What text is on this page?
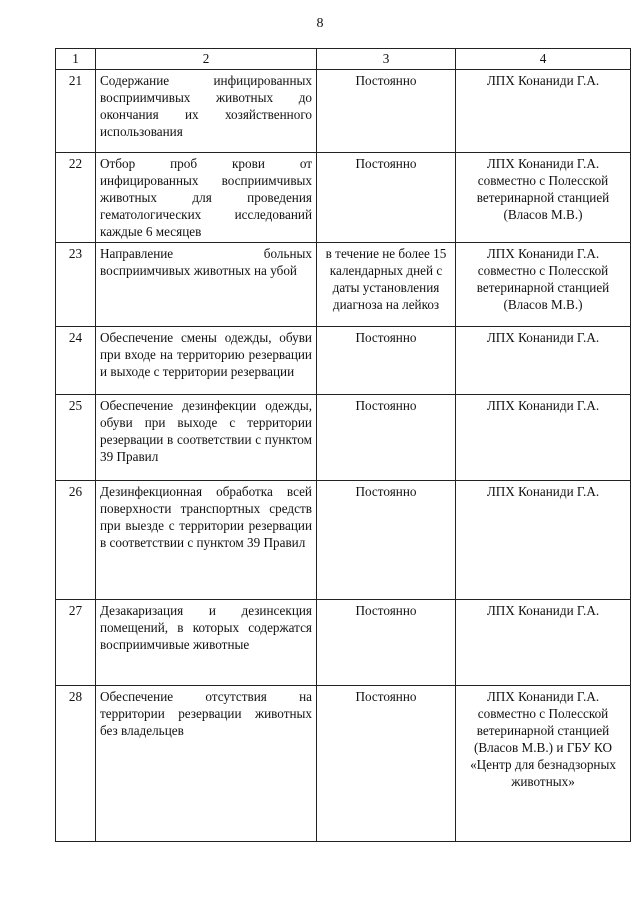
8
1	2	3	4
21	Содержание инфицированных восприимчивых животных до окончания их хозяйственного использования	Постоянно	ЛПХ Конаниди Г.А.
22	Отбор проб крови от инфицированных восприимчивых животных для проведения гематологических исследований каждые 6 месяцев	Постоянно	ЛПХ Конаниди Г.А. совместно с Полесской ветеринарной станцией (Власов М.В.)
23	Направление больных восприимчивых животных на убой	в течение не более 15 календарных дней с даты установления диагноза на лейкоз	ЛПХ Конаниди Г.А. совместно с Полесской ветеринарной станцией (Власов М.В.)
24	Обеспечение смены одежды, обуви при входе на территорию резервации и выходе с территории резервации	Постоянно	ЛПХ Конаниди Г.А.
25	Обеспечение дезинфекции одежды, обуви при выходе с территории резервации в соответствии с пунктом 39 Правил	Постоянно	ЛПХ Конаниди Г.А.
26	Дезинфекционная обработка всей поверхности транспортных средств при выезде с территории резервации в соответствии с пунктом 39 Правил	Постоянно	ЛПХ Конаниди Г.А.
27	Дезакаризация и дезинсекция помещений, в которых содержатся восприимчивые животные	Постоянно	ЛПХ Конаниди Г.А.
28	Обеспечение отсутствия на территории резервации животных без владельцев	Постоянно	ЛПХ Конаниди Г.А. совместно с Полесской ветеринарной станцией (Власов М.В.) и ГБУ КО «Центр для безнадзорных животных»
